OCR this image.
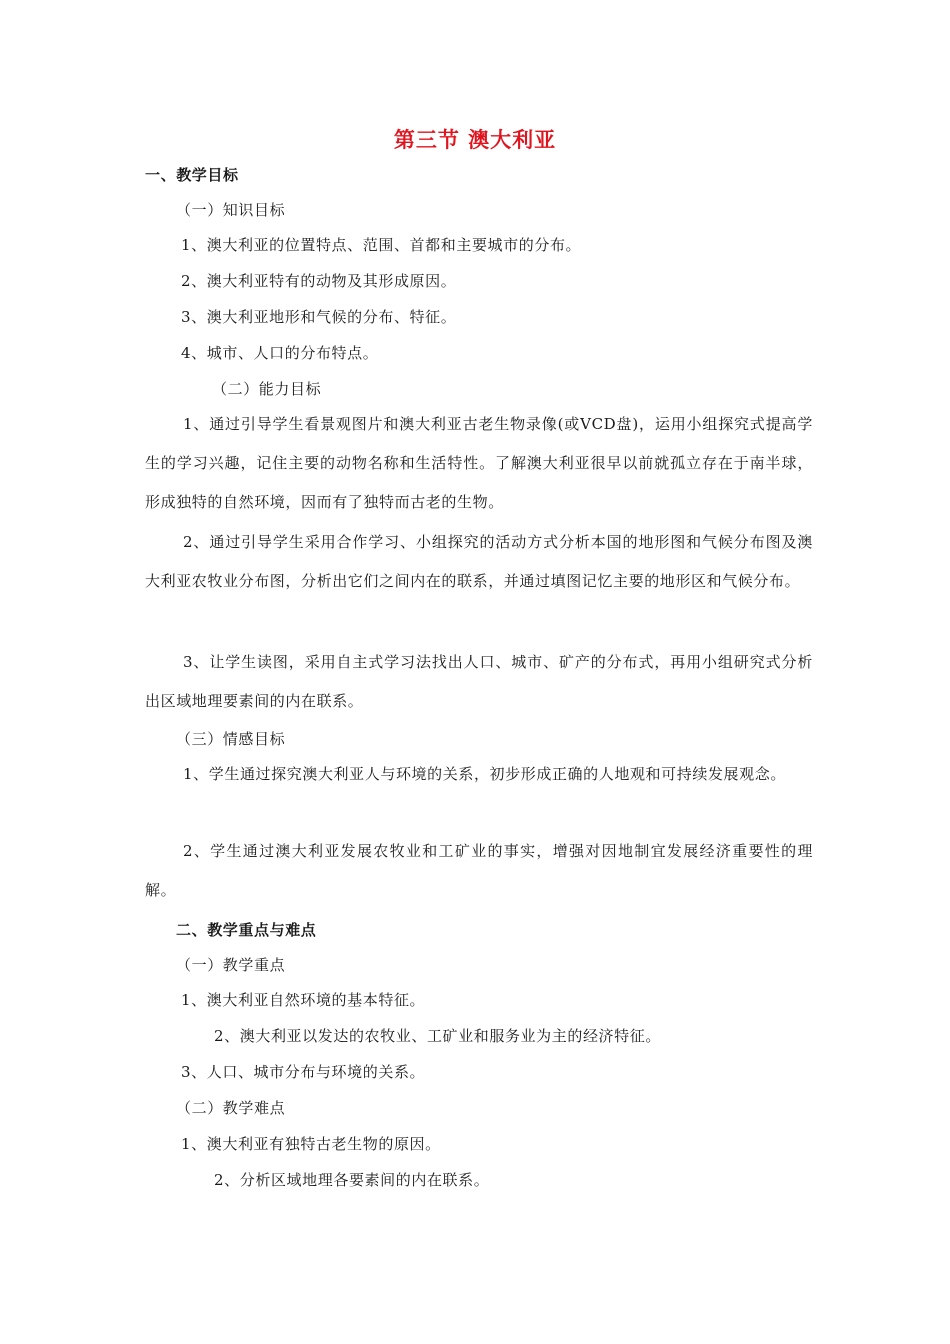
第三节 澳大利亚
一、教学目标
（一）知识目标
1、澳大利亚的位置特点、范围、首都和主要城市的分布。
2、澳大利亚特有的动物及其形成原因。
3、澳大利亚地形和气候的分布、特征。
4、城市、人口的分布特点。
（二）能力目标

1、通过引导学生看景观图片和澳大利亚古老生物录像(或VCD盘)，运用小组探究式提高学生的学习兴趣，记住主要的动物名称和生活特性。了解澳大利亚很早以前就孤立存在于南半球，形成独特的自然环境，因而有了独特而古老的生物。

2、通过引导学生采用合作学习、小组探究的活动方式分析本国的地形图和气候分布图及澳大利亚农牧业分布图，分析出它们之间内在的联系，并通过填图记忆主要的地形区和气候分布。

3、让学生读图，采用自主式学习法找出人口、城市、矿产的分布式，再用小组研究式分析出区域地理要素间的内在联系。

（三）情感目标

1、学生通过探究澳大利亚人与环境的关系，初步形成正确的人地观和可持续发展观念。

2、学生通过澳大利亚发展农牧业和工矿业的事实，增强对因地制宜发展经济重要性的理解。

二、教学重点与难点
（一）教学重点
1、澳大利亚自然环境的基本特征。
2、澳大利亚以发达的农牧业、工矿业和服务业为主的经济特征。
3、人口、城市分布与环境的关系。
（二）教学难点
1、澳大利亚有独特古老生物的原因。
2、分析区域地理各要素间的内在联系。
